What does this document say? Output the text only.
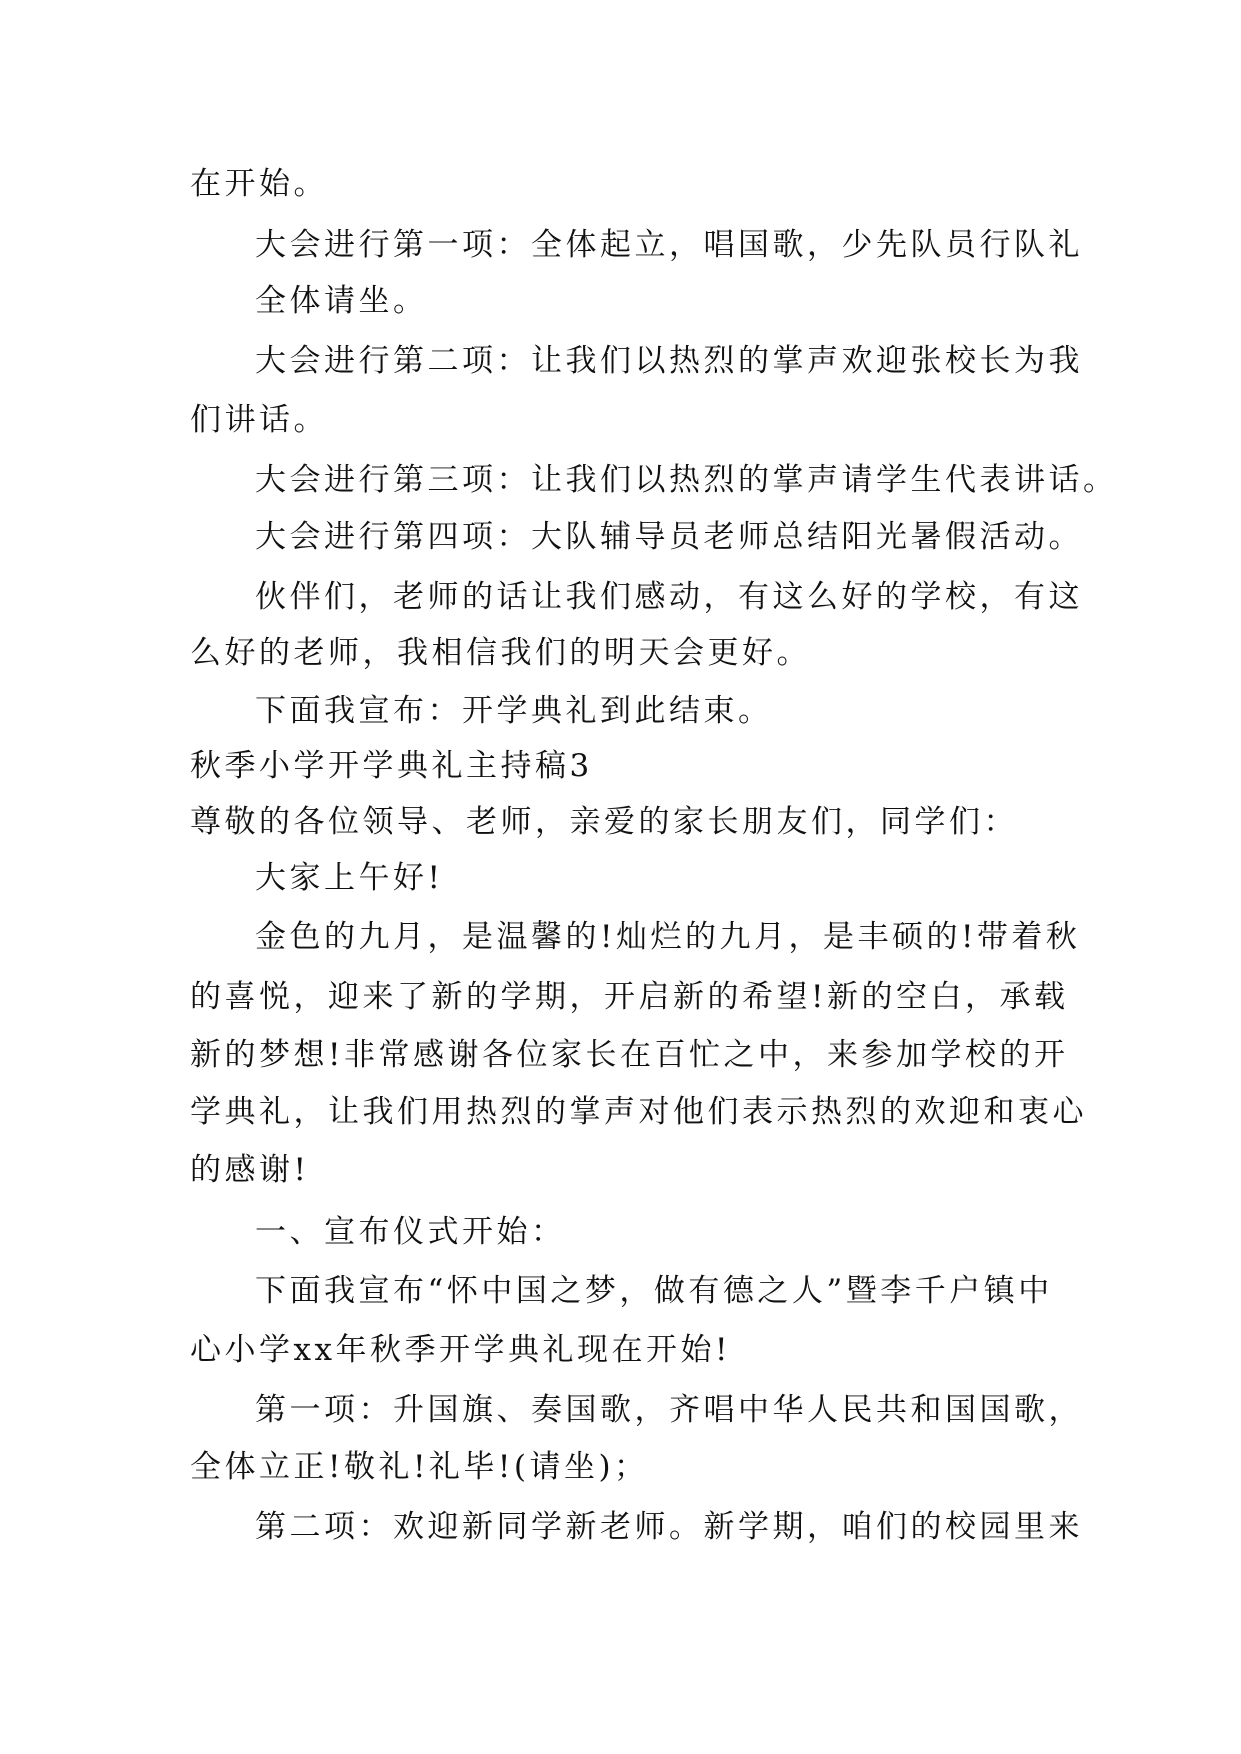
在开始。
大会进行第一项：全体起立，唱国歌，少先队员行队礼
全体请坐。
大会进行第二项：让我们以热烈的掌声欢迎张校长为我
们讲话。
大会进行第三项：让我们以热烈的掌声请学生代表讲话。
大会进行第四项：大队辅导员老师总结阳光暑假活动。
伙伴们，老师的话让我们感动，有这么好的学校，有这
么好的老师，我相信我们的明天会更好。
下面我宣布：开学典礼到此结束。
秋季小学开学典礼主持稿3
尊敬的各位领导、老师，亲爱的家长朋友们，同学们：
大家上午好!
金色的九月，是温馨的!灿烂的九月，是丰硕的!带着秋
的喜悦，迎来了新的学期，开启新的希望!新的空白，承载
新的梦想!非常感谢各位家长在百忙之中，来参加学校的开
学典礼，让我们用热烈的掌声对他们表示热烈的欢迎和衷心
的感谢!
一、宣布仪式开始：
下面我宣布“怀中国之梦，做有德之人”暨李千户镇中
心小学xx年秋季开学典礼现在开始!
第一项：升国旗、奏国歌，齐唱中华人民共和国国歌，
全体立正!敬礼!礼毕!(请坐)；
第二项：欢迎新同学新老师。新学期，咱们的校园里来
